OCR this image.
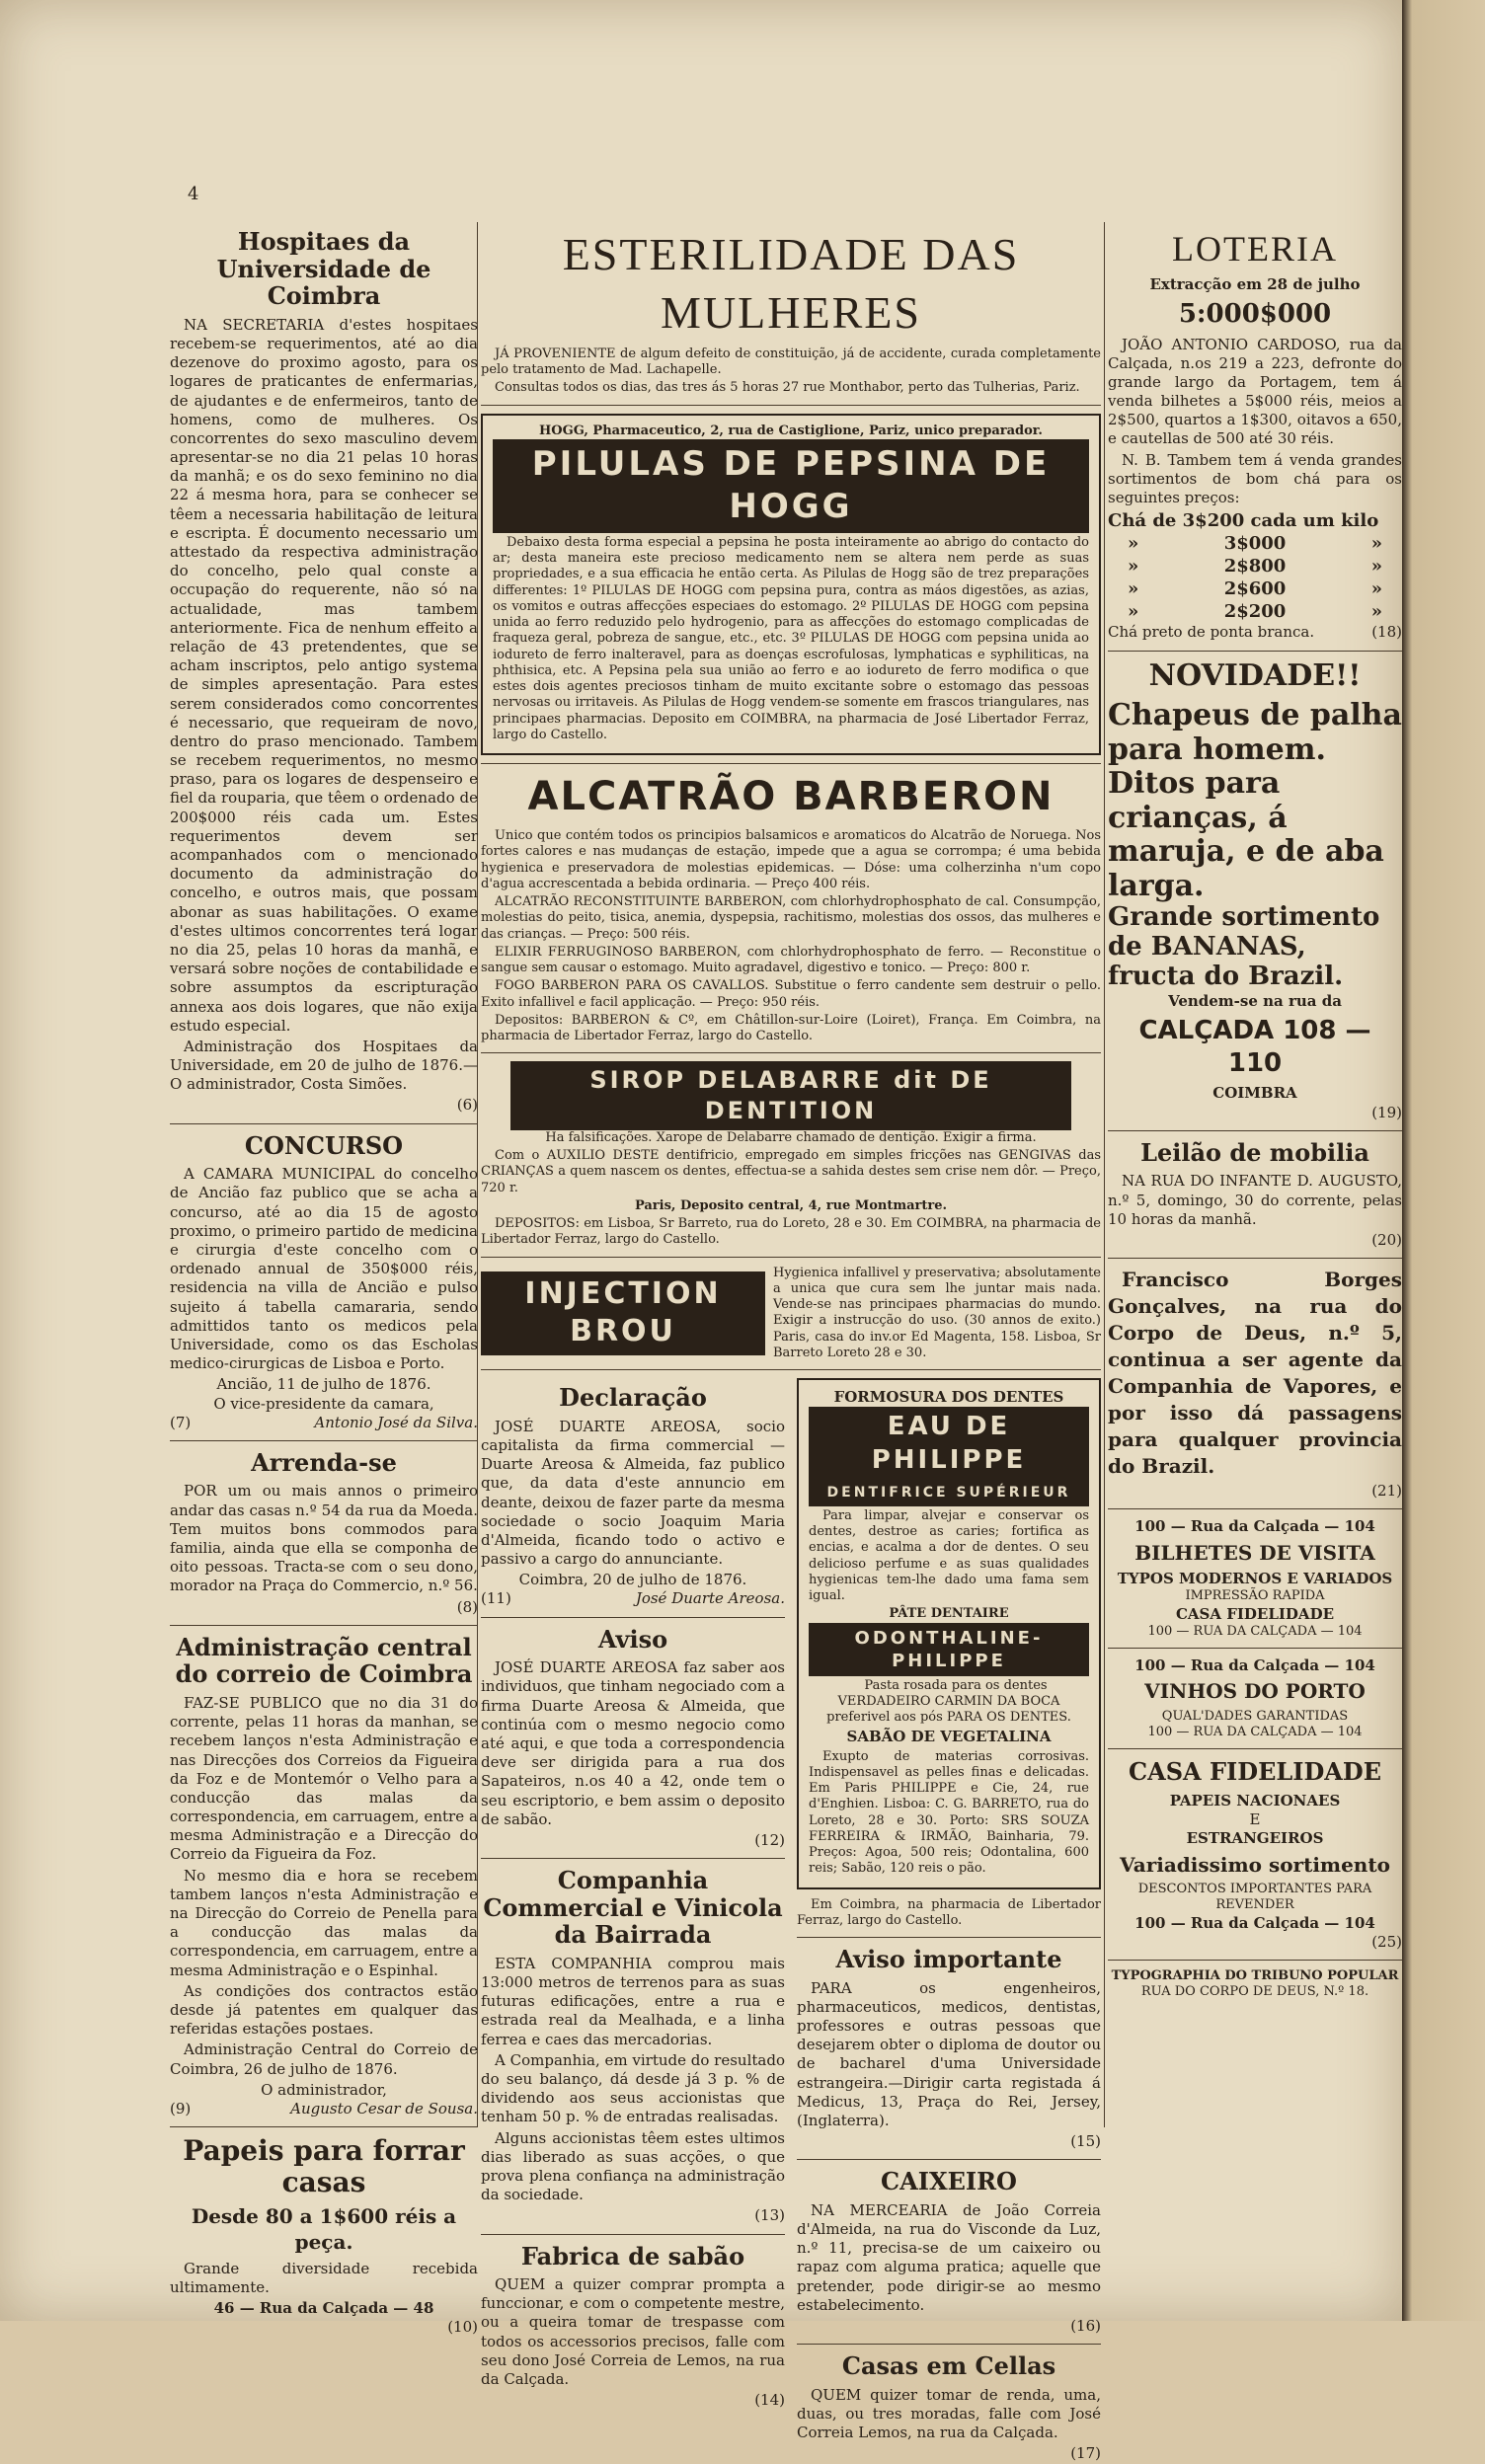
4
Hospitaes da Universidade de Coimbra

NA SECRETARIA d'estes hospitaes recebem-se requerimentos, até ao dia dezenove do proximo agosto, para os logares de praticantes de enfermarias, de ajudantes e de enfermeiros, tanto de homens, como de mulheres. Os concorrentes do sexo masculino devem apresentar-se no dia 21 pelas 10 horas da manhã; e os do sexo feminino no dia 22 á mesma hora, para se conhecer se têem a necessaria habilitação de leitura e escripta. É documento necessario um attestado da respectiva administração do concelho, pelo qual conste a occupação do requerente, não só na actualidade, mas tambem anteriormente. Fica de nenhum effeito a relação de 43 pretendentes, que se acham inscriptos, pelo antigo systema de simples apresentação. Para estes serem considerados como concorrentes é necessario, que requeiram de novo, dentro do praso mencionado. Tambem se recebem requerimentos, no mesmo praso, para os logares de despenseiro e fiel da rouparia, que têem o ordenado de 200$000 réis cada um. Estes requerimentos devem ser acompanhados com o mencionado documento da administração do concelho, e outros mais, que possam abonar as suas habilitações. O exame d'estes ultimos concorrentes terá logar no dia 25, pelas 10 horas da manhã, e versará sobre noções de contabilidade e sobre assumptos da escripturação annexa aos dois logares, que não exija estudo especial.

Administração dos Hospitaes da Universidade, em 20 de julho de 1876.—O administrador, Costa Simões.

(6)
CONCURSO

A CAMARA MUNICIPAL do concelho de Ancião faz publico que se acha a concurso, até ao dia 15 de agosto proximo, o primeiro partido de medicina e cirurgia d'este concelho com o ordenado annual de 350$000 réis, residencia na villa de Ancião e pulso sujeito á tabella camararia, sendo admittidos tanto os medicos pela Universidade, como os das Escholas medico-cirurgicas de Lisboa e Porto.

Ancião, 11 de julho de 1876.
O vice-presidente da camara,
(7)	Antonio José da Silva.
Arrenda-se

POR um ou mais annos o primeiro andar das casas n.º 54 da rua da Moeda. Tem muitos bons commodos para familia, ainda que ella se componha de oito pessoas. Tracta-se com o seu dono, morador na Praça do Commercio, n.º 56.

(8)
Administração central do correio de Coimbra

FAZ-SE PUBLICO que no dia 31 do corrente, pelas 11 horas da manhan, se recebem lanços n'esta Administração e nas Direcções dos Correios da Figueira da Foz e de Montemór o Velho para a conducção das malas da correspondencia, em carruagem, entre a mesma Administração e a Direcção do Correio da Figueira da Foz.

No mesmo dia e hora se recebem tambem lanços n'esta Administração e na Direcção do Correio de Penella para a conducção das malas da correspondencia, em carruagem, entre a mesma Administração e o Espinhal.

As condições dos contractos estão desde já patentes em qualquer das referidas estações postaes.

Administração Central do Correio de Coimbra, 26 de julho de 1876.

O administrador,
(9)	Augusto Cesar de Sousa.
Papeis para forrar casas
Desde 80 a 1$600 réis a peça.

Grande diversidade recebida ultimamente.

46 — Rua da Calçada — 48
(10)
ESTERILIDADE DAS MULHERES

JÁ PROVENIENTE de algum defeito de constituição, já de accidente, curada completamente pelo tratamento de Mad. Lachapelle.

Consultas todos os dias, das tres ás 5 horas 27 rue Monthabor, perto das Tulherias, Pariz.

HOGG, Pharmaceutico, 2, rua de Castiglione, Pariz, unico preparador.
PILULAS DE PEPSINA DE HOGG

Debaixo desta forma especial a pepsina he posta inteiramente ao abrigo do contacto do ar; desta maneira este precioso medicamento nem se altera nem perde as suas propriedades, e a sua efficacia he então certa. As Pilulas de Hogg são de trez preparações differentes: 1º PILULAS DE HOGG com pepsina pura, contra as máos digestões, as azias, os vomitos e outras affecções especiaes do estomago. 2º PILULAS DE HOGG com pepsina unida ao ferro reduzido pelo hydrogenio, para as affecções do estomago complicadas de fraqueza geral, pobreza de sangue, etc., etc. 3º PILULAS DE HOGG com pepsina unida ao iodureto de ferro inalteravel, para as doenças escrofulosas, lymphaticas e syphiliticas, na phthisica, etc. A Pepsina pela sua união ao ferro e ao iodureto de ferro modifica o que estes dois agentes preciosos tinham de muito excitante sobre o estomago das pessoas nervosas ou irritaveis. As Pilulas de Hogg vendem-se somente em frascos triangulares, nas principaes pharmacias. Deposito em COIMBRA, na pharmacia de José Libertador Ferraz, largo do Castello.

ALCATRÃO BARBERON

Unico que contém todos os principios balsamicos e aromaticos do Alcatrão de Noruega. Nos fortes calores e nas mudanças de estação, impede que a agua se corrompa; é uma bebida hygienica e preservadora de molestias epidemicas. — Dóse: uma colherzinha n'um copo d'agua accrescentada a bebida ordinaria. — Preço 400 réis.

ALCATRÃO RECONSTITUINTE BARBERON, com chlorhydrophosphato de cal. Consumpção, molestias do peito, tisica, anemia, dyspepsia, rachitismo, molestias dos ossos, das mulheres e das crianças. — Preço: 500 réis.

ELIXIR FERRUGINOSO BARBERON, com chlorhydrophosphato de ferro. — Reconstitue o sangue sem causar o estomago. Muito agradavel, digestivo e tonico. — Preço: 800 r.

FOGO BARBERON PARA OS CAVALLOS. Substitue o ferro candente sem destruir o pello. Exito infallivel e facil applicação. — Preço: 950 réis.

Depositos: BARBERON & Cº, em Châtillon-sur-Loire (Loiret), França. Em Coimbra, na pharmacia de Libertador Ferraz, largo do Castello.

SIROP DELABARRE dit DE DENTITION
Ha falsificações. Xarope de Delabarre chamado de dentição. Exigir a firma.

Com o AUXILIO DESTE dentifricio, empregado em simples fricções nas GENGIVAS das CRIANÇAS a quem nascem os dentes, effectua-se a sahida destes sem crise nem dôr. — Preço, 720 r.

Paris, Deposito central, 4, rue Montmartre.

DEPOSITOS: em Lisboa, Sr Barreto, rua do Loreto, 28 e 30. Em COIMBRA, na pharmacia de Libertador Ferraz, largo do Castello.

INJECTION BROU
Hygienica infallivel y preservativa; absolutamente a unica que cura sem lhe juntar mais nada. Vende-se nas principaes pharmacias do mundo. Exigir a instrucção do uso. (30 annos de exito.) Paris, casa do inv.or Ed Magenta, 158. Lisboa, Sr Barreto Loreto 28 e 30.
Declaração

JOSÉ DUARTE AREOSA, socio capitalista da firma commercial — Duarte Areosa & Almeida, faz publico que, da data d'este annuncio em deante, deixou de fazer parte da mesma sociedade o socio Joaquim Maria d'Almeida, ficando todo o activo e passivo a cargo do annunciante.

Coimbra, 20 de julho de 1876.
(11)	José Duarte Areosa.
Aviso

JOSÉ DUARTE AREOSA faz saber aos individuos, que tinham negociado com a firma Duarte Areosa & Almeida, que continúa com o mesmo negocio como até aqui, e que toda a correspondencia deve ser dirigida para a rua dos Sapateiros, n.os 40 a 42, onde tem o seu escriptorio, e bem assim o deposito de sabão.

(12)
Companhia Commercial e Vinicola da Bairrada

ESTA COMPANHIA comprou mais 13:000 metros de terrenos para as suas futuras edificações, entre a rua e estrada real da Mealhada, e a linha ferrea e caes das mercadorias.

A Companhia, em virtude do resultado do seu balanço, dá desde já 3 p. % de dividendo aos seus accionistas que tenham 50 p. % de entradas realisadas.

Alguns accionistas têem estes ultimos dias liberado as suas acções, o que prova plena confiança na administração da sociedade.

(13)
Fabrica de sabão

QUEM a quizer comprar prompta a funccionar, e com o competente mestre, ou a queira tomar de trespasse com todos os accessorios precisos, falle com seu dono José Correia de Lemos, na rua da Calçada.

(14)
FORMOSURA DOS DENTES
EAU DE PHILIPPE
DENTIFRICE SUPÉRIEUR

Para limpar, alvejar e conservar os dentes, destroe as caries; fortifica as encias, e acalma a dor de dentes. O seu delicioso perfume e as suas qualidades hygienicas tem-lhe dado uma fama sem igual.

PÂTE DENTAIRE
ODONTHALINE-PHILIPPE

Pasta rosada para os dentes VERDADEIRO CARMIN DA BOCA preferivel aos pós PARA OS DENTES.

SABÃO DE VEGETALINA

Exupto de materias corrosivas. Indispensavel as pelles finas e delicadas. Em Paris PHILIPPE e Cie, 24, rue d'Enghien. Lisboa: C. G. BARRETO, rua do Loreto, 28 e 30. Porto: SRS SOUZA FERREIRA & IRMÃO, Bainharia, 79. Preços: Agoa, 500 reis; Odontalina, 600 reis; Sabão, 120 reis o pão.

Em Coimbra, na pharmacia de Libertador Ferraz, largo do Castello.

Aviso importante

PARA os engenheiros, pharmaceuticos, medicos, dentistas, professores e outras pessoas que desejarem obter o diploma de doutor ou de bacharel d'uma Universidade estrangeira.—Dirigir carta registada á Medicus, 13, Praça do Rei, Jersey, (Inglaterra).

(15)
CAIXEIRO

NA MERCEARIA de João Correia d'Almeida, na rua do Visconde da Luz, n.º 11, precisa-se de um caixeiro ou rapaz com alguma pratica; aquelle que pretender, pode dirigir-se ao mesmo estabelecimento.

(16)
Casas em Cellas

QUEM quizer tomar de renda, uma, duas, ou tres moradas, falle com José Correia Lemos, na rua da Calçada.

(17)
LOTERIA
Extracção em 28 de julho
5:000$000

JOÃO ANTONIO CARDOSO, rua da Calçada, n.os 219 a 223, defronte do grande largo da Portagem, tem á venda bilhetes a 5$000 réis, meios a 2$500, quartos a 1$300, oitavos a 650, e cautellas de 500 até 30 réis.

N. B. Tambem tem á venda grandes sortimentos de bom chá para os seguintes preços:

Chá de 3$200 cada um kilo
»	3$000	»
»	2$800	»
»	2$600	»
»	2$200	»
Chá preto de ponta branca.	(18)
NOVIDADE!!
Chapeus de palha para homem. Ditos para crianças, á maruja, e de aba larga.
Grande sortimento de BANANAS, fructa do Brazil.
Vendem-se na rua da
CALÇADA 108 — 110
COIMBRA
(19)
Leilão de mobilia

NA RUA DO INFANTE D. AUGUSTO, n.º 5, domingo, 30 do corrente, pelas 10 horas da manhã.

(20)

Francisco Borges Gonçalves, na rua do Corpo de Deus, n.º 5, continua a ser agente da Companhia de Vapores, e por isso dá passagens para qualquer provincia do Brazil.

(21)
100 — Rua da Calçada — 104
BILHETES DE VISITA
TYPOS MODERNOS E VARIADOS
IMPRESSÃO RAPIDA
CASA FIDELIDADE
100 — RUA DA CALÇADA — 104
100 — Rua da Calçada — 104
VINHOS DO PORTO
QUAL'DADES GARANTIDAS
100 — RUA DA CALÇADA — 104
CASA FIDELIDADE
PAPEIS NACIONAES
E
ESTRANGEIROS
Variadissimo sortimento
DESCONTOS IMPORTANTES PARA REVENDER
100 — Rua da Calçada — 104
(25)
TYPOGRAPHIA DO TRIBUNO POPULAR
RUA DO CORPO DE DEUS, N.º 18.
